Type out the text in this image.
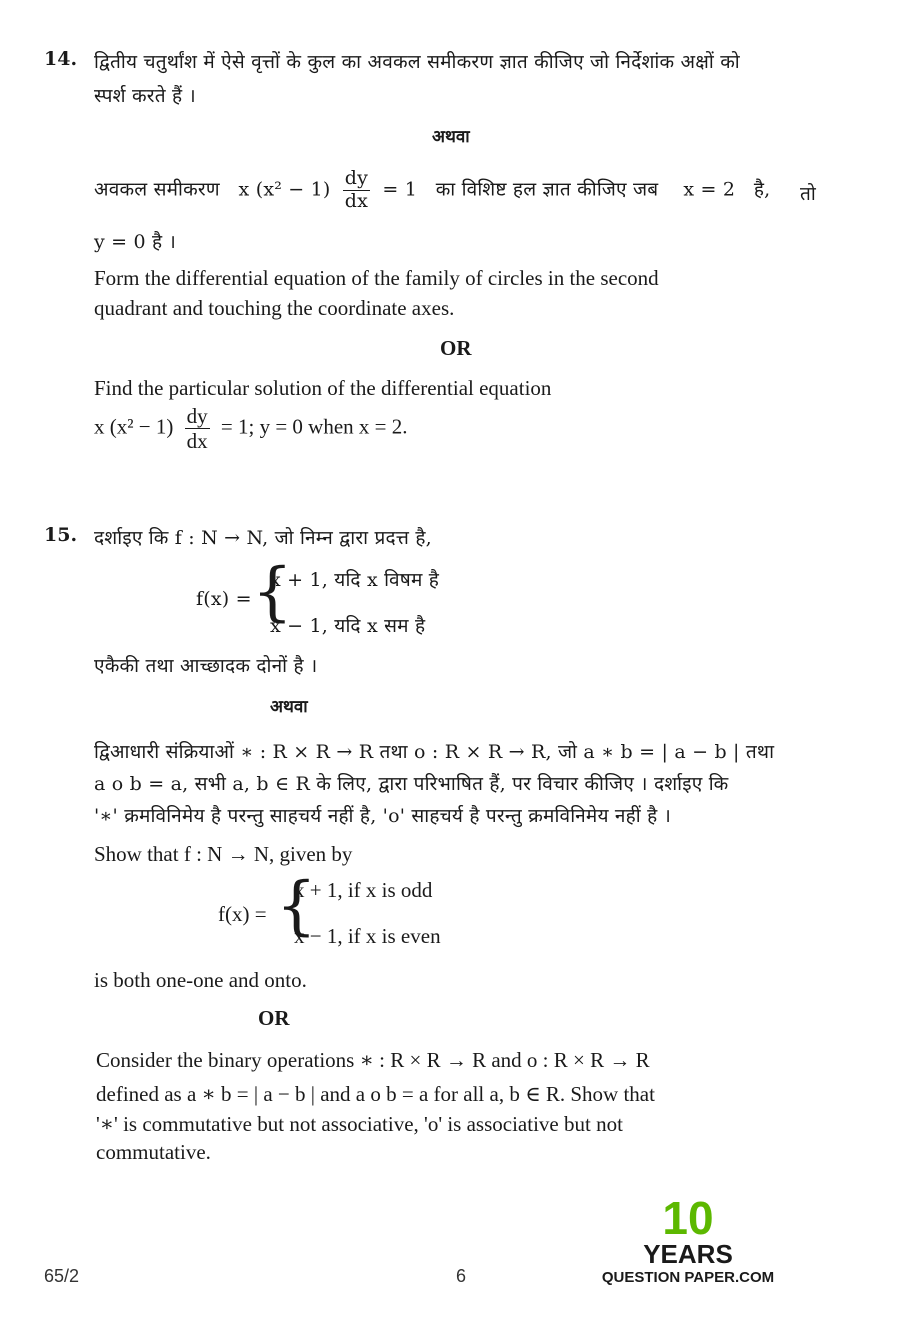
14. द्वितीय चतुर्थांश में ऐसे वृत्तों के कुल का अवकल समीकरण ज्ञात कीजिए जो निर्देशांक अक्षों को
स्पर्श करते हैं ।
अथवा
अवकल समीकरण x $(x^2 - 1) \frac{dy}{dx} = 1$ का विशिष्ट हल ज्ञात कीजिए जब x = 2 है, तो
y = 0 है ।
Form the differential equation of the family of circles in the second
quadrant and touching the coordinate axes.
OR
Find the particular solution of the differential equation
x $(x^2 - 1) \frac{dy}{dx} = 1$; y = 0 when x = 2.
15. दर्शाइए कि f : N → N, जो निम्न द्वारा प्रदत्त है,
f(x) = {
x + 1, यदि x विषम है
x − 1, यदि x सम है
एकैकी तथा आच्छादक दोनों है ।
अथवा
द्विआधारी संक्रियाओं ∗ : R × R → R तथा o : R × R → R, जो a ∗ b = | a − b | तथा
a o b = a, सभी a, b ∈ R के लिए, द्वारा परिभाषित हैं, पर विचार कीजिए । दर्शाइए कि
'∗' क्रमविनिमेय है परन्तु साहचर्य नहीं है, 'o' साहचर्य है परन्तु क्रमविनिमेय नहीं है ।
Show that f : N → N, given by
f(x) = {
x + 1, if x is odd
x − 1, if x is even
is both one-one and onto.
OR
Consider the binary operations ∗ : R × R → R and o : R × R → R
defined as a ∗ b = | a − b | and a o b = a for all a, b ∈ R. Show that
'∗' is commutative but not associative, 'o' is associative but not
commutative.
65/2	6
10
YEARS
QUESTION PAPER.COM
